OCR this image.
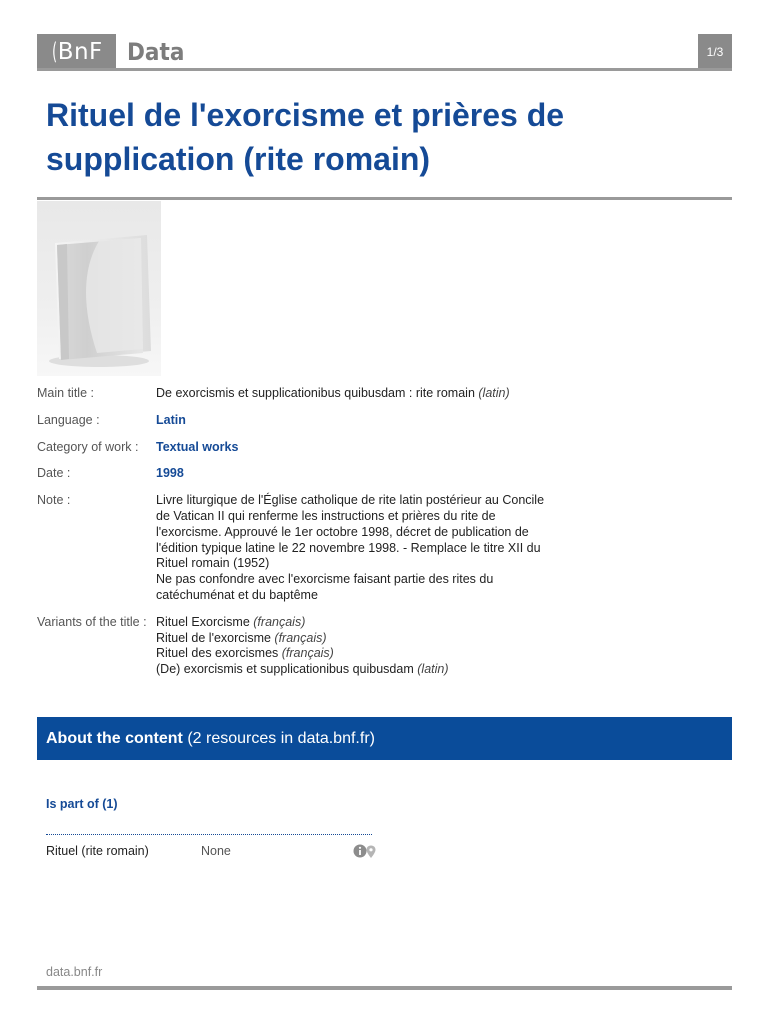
(BnF	Data	1/3
Rituel de l'exorcisme et prières de supplication (rite romain)
Main title :	De exorcismis et supplicationibus quibusdam : rite romain (latin)
Language :	Latin
Category of work :	Textual works
Date :	1998
Note :	Livre liturgique de l'Église catholique de rite latin postérieur au Concile
de Vatican II qui renferme les instructions et prières du rite de
l'exorcisme. Approuvé le 1er octobre 1998, décret de publication de
l'édition typique latine le 22 novembre 1998. - Remplace le titre XII du
Rituel romain (1952)
Ne pas confondre avec l'exorcisme faisant partie des rites du
catéchuménat et du baptême
Variants of the title : Rituel Exorcisme (français)
Rituel de l'exorcisme (français)
Rituel des exorcismes (français)
(De) exorcismis et supplicationibus quibusdam (latin)
About the content (2 resources in data.bnf.fr)
Is part of (1)
Rituel (rite romain)	None
data.bnf.fr
